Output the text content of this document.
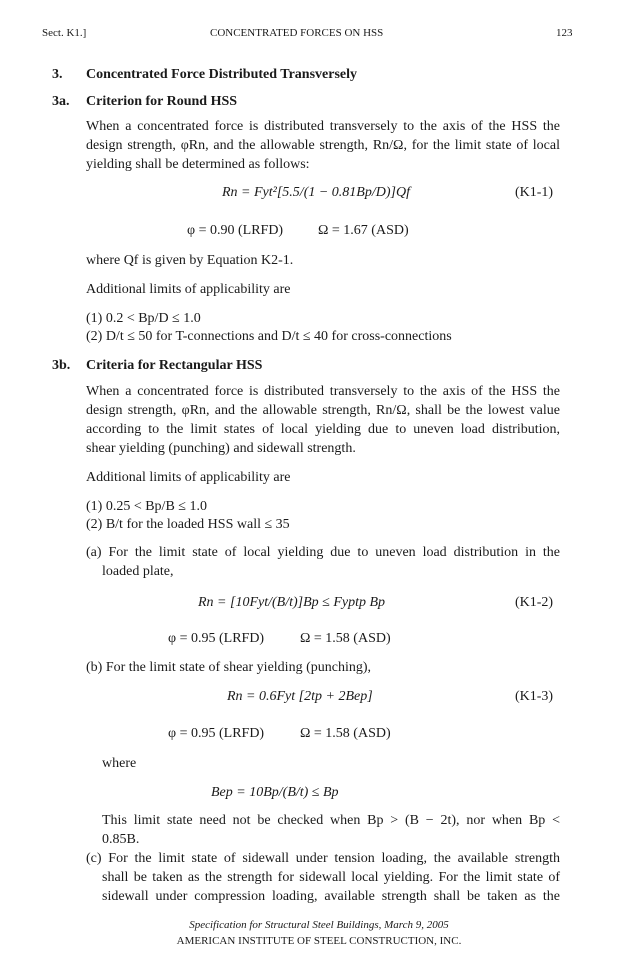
Sect. K1.]	CONCENTRATED FORCES ON HSS	123
3. Concentrated Force Distributed Transversely
3a. Criterion for Round HSS
When a concentrated force is distributed transversely to the axis of the HSS the
design strength, φRn, and the allowable strength, Rn/Ω, for the limit state of local
yielding shall be determined as follows:
Rn = Fyt²[5.5/(1 − 0.81Bp/D)]Qf	(K1-1)
φ = 0.90 (LRFD) Ω = 1.67 (ASD)
where Qf is given by Equation K2-1.
Additional limits of applicability are
(1) 0.2 < Bp/D ≤ 1.0
(2) D/t ≤ 50 for T-connections and D/t ≤ 40 for cross-connections
3b. Criteria for Rectangular HSS
When a concentrated force is distributed transversely to the axis of the HSS the
design strength, φRn, and the allowable strength, Rn/Ω, shall be the lowest value
according to the limit states of local yielding due to uneven load distribution,
shear yielding (punching) and sidewall strength.
Additional limits of applicability are
(1) 0.25 < Bp/B ≤ 1.0
(2) B/t for the loaded HSS wall ≤ 35
(a) For the limit state of local yielding due to uneven load distribution in the
loaded plate,
Rn = [10Fyt/(B/t)]Bp ≤ Fyptp Bp	(K1-2)
φ = 0.95 (LRFD)	Ω = 1.58 (ASD)
(b) For the limit state of shear yielding (punching),
Rn = 0.6Fyt [2tp + 2Bep]	(K1-3)
φ = 0.95 (LRFD)	Ω = 1.58 (ASD)
where
Bep = 10Bp/(B/t) ≤ Bp
This limit state need not be checked when Bp > (B − 2t), nor when Bp <
0.85B.
(c) For the limit state of sidewall under tension loading, the available strength
shall be taken as the strength for sidewall local yielding. For the limit state of
sidewall under compression loading, available strength shall be taken as the
Specification for Structural Steel Buildings, March 9, 2005
AMERICAN INSTITUTE OF STEEL CONSTRUCTION, INC.
